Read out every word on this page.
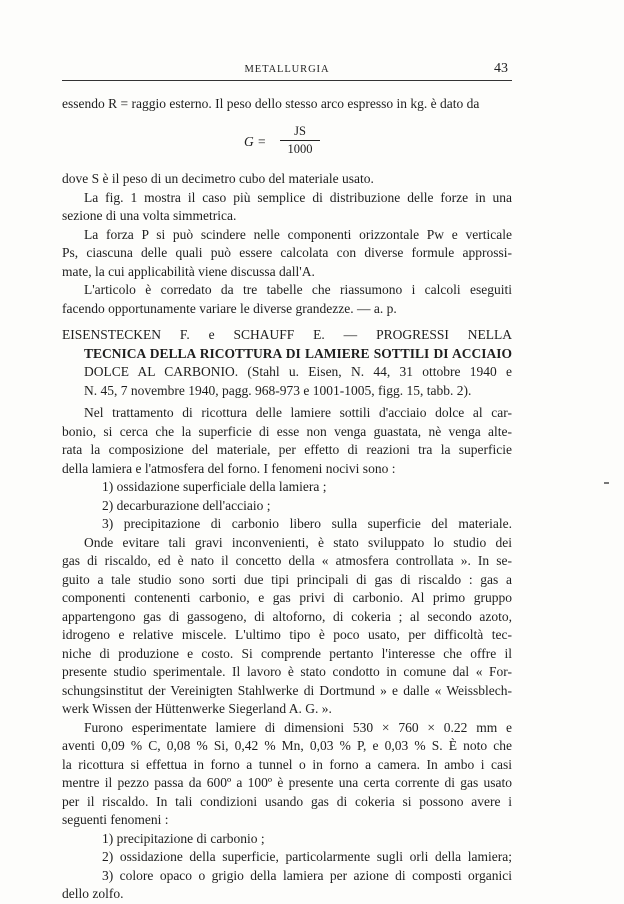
METALLURGIA	43
essendo R = raggio esterno. Il peso dello stesso arco espresso in kg. è dato da
G =
JS
1000
dove S è il peso di un decimetro cubo del materiale usato.
La fig. 1 mostra il caso più semplice di distribuzione delle forze in una
sezione di una volta simmetrica.
La forza P si può scindere nelle componenti orizzontale Pw e verticale
Ps, ciascuna delle quali può essere calcolata con diverse formule approssi-
mate, la cui applicabilità viene discussa dall'A.
L'articolo è corredato da tre tabelle che riassumono i calcoli eseguiti
facendo opportunamente variare le diverse grandezze. — a. p.
EISENSTECKEN F. e SCHAUFF E. — PROGRESSI NELLA
TECNICA DELLA RICOTTURA DI LAMIERE SOTTILI DI ACCIAIO
DOLCE AL CARBONIO. (Stahl u. Eisen, N. 44, 31 ottobre 1940 e
N. 45, 7 novembre 1940, pagg. 968-973 e 1001-1005, figg. 15, tabb. 2).
Nel trattamento di ricottura delle lamiere sottili d'acciaio dolce al car-
bonio, si cerca che la superficie di esse non venga guastata, nè venga alte-
rata la composizione del materiale, per effetto di reazioni tra la superficie
della lamiera e l'atmosfera del forno. I fenomeni nocivi sono :
1) ossidazione superficiale della lamiera ;
2) decarburazione dell'acciaio ;
3) precipitazione di carbonio libero sulla superficie del materiale.
Onde evitare tali gravi inconvenienti, è stato sviluppato lo studio dei
gas di riscaldo, ed è nato il concetto della « atmosfera controllata ». In se-
guito a tale studio sono sorti due tipi principali di gas di riscaldo : gas a
componenti contenenti carbonio, e gas privi di carbonio. Al primo gruppo
appartengono gas di gassogeno, di altoforno, di cokeria ; al secondo azoto,
idrogeno e relative miscele. L'ultimo tipo è poco usato, per difficoltà tec-
niche di produzione e costo. Si comprende pertanto l'interesse che offre il
presente studio sperimentale. Il lavoro è stato condotto in comune dal « For-
schungsinstitut der Vereinigten Stahlwerke di Dortmund » e dalle « Weissblech-
werk Wissen der Hüttenwerke Siegerland A. G. ».
Furono esperimentate lamiere di dimensioni 530 × 760 × 0.22 mm e
aventi 0,09 % C, 0,08 % Si, 0,42 % Mn, 0,03 % P, e 0,03 % S. È noto che
la ricottura si effettua in forno a tunnel o in forno a camera. In ambo i casi
mentre il pezzo passa da 600º a 100º è presente una certa corrente di gas usato
per il riscaldo. In tali condizioni usando gas di cokeria si possono avere i
seguenti fenomeni :
1) precipitazione di carbonio ;
2) ossidazione della superficie, particolarmente sugli orli della lamiera;
3) colore opaco o grigio della lamiera per azione di composti organici
dello zolfo.
